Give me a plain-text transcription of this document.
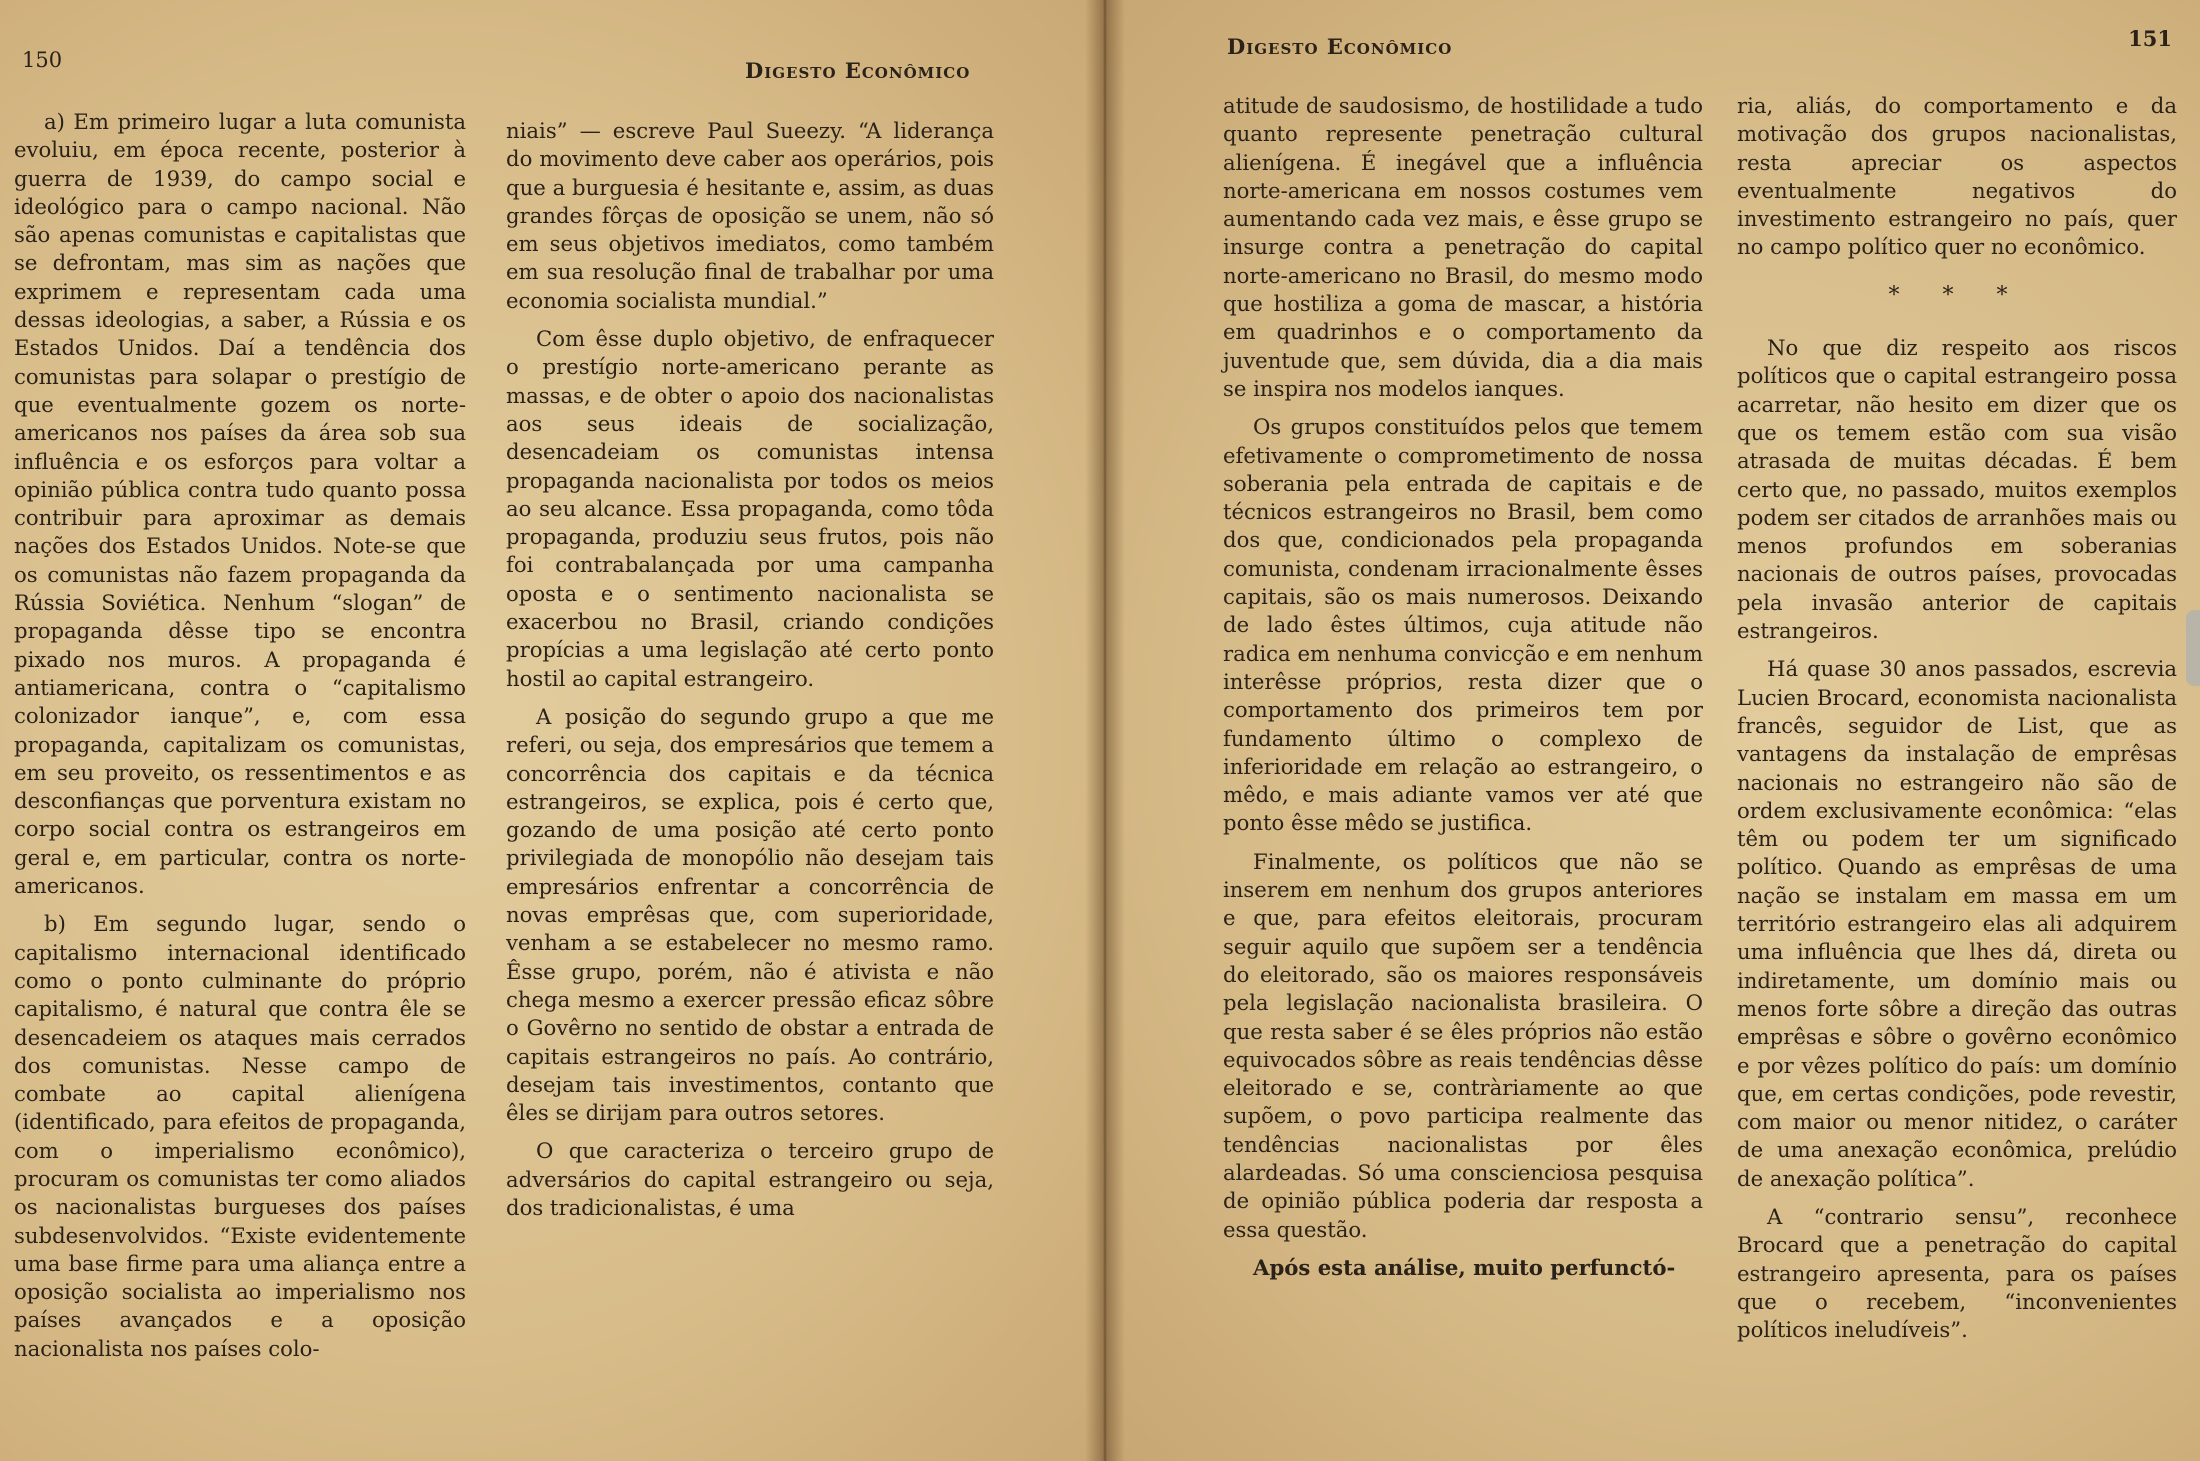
150	Digesto Econômico

a) Em primeiro lugar a luta comunista evoluiu, em época recente, posterior à guerra de 1939, do campo social e ideológico para o campo nacional. Não são apenas comunistas e capitalistas que se defrontam, mas sim as nações que exprimem e representam cada uma dessas ideologias, a saber, a Rússia e os Estados Unidos. Daí a tendência dos comunistas para solapar o prestígio de que eventualmente gozem os norte-americanos nos países da área sob sua influência e os esforços para voltar a opinião pública contra tudo quanto possa contribuir para aproximar as demais nações dos Estados Unidos. Note-se que os comunistas não fazem propaganda da Rússia Soviética. Nenhum “slogan” de propaganda dêsse tipo se encontra pixado nos muros. A propaganda é antiamericana, contra o “capitalismo colonizador ianque”, e, com essa propaganda, capitalizam os comunistas, em seu proveito, os ressentimentos e as desconfianças que porventura existam no corpo social contra os estrangeiros em geral e, em particular, contra os norte-americanos.

b) Em segundo lugar, sendo o capitalismo internacional identificado como o ponto culminante do próprio capitalismo, é natural que contra êle se desencadeiem os ataques mais cerrados dos comunistas. Nesse campo de combate ao capital alienígena (identificado, para efeitos de propaganda, com o imperialismo econômico), procuram os comunistas ter como aliados os nacionalistas burgueses dos países subdesenvolvidos. “Existe evidentemente uma base firme para uma aliança entre a oposição socialista ao imperialismo nos países avançados e a oposição nacionalista nos países colo-

niais” — escreve Paul Sueezy. “A liderança do movimento deve caber aos operários, pois que a burguesia é hesitante e, assim, as duas grandes fôrças de oposição se unem, não só em seus objetivos imediatos, como também em sua resolução final de trabalhar por uma economia socialista mundial.”

Com êsse duplo objetivo, de enfraquecer o prestígio norte-americano perante as massas, e de obter o apoio dos nacionalistas aos seus ideais de socialização, desencadeiam os comunistas intensa propaganda nacionalista por todos os meios ao seu alcance. Essa propaganda, como tôda propaganda, produziu seus frutos, pois não foi contrabalançada por uma campanha oposta e o sentimento nacionalista se exacerbou no Brasil, criando condições propícias a uma legislação até certo ponto hostil ao capital estrangeiro.

A posição do segundo grupo a que me referi, ou seja, dos empresários que temem a concorrência dos capitais e da técnica estrangeiros, se explica, pois é certo que, gozando de uma posição até certo ponto privilegiada de monopólio não desejam tais empresários enfrentar a concorrência de novas emprêsas que, com superioridade, venham a se estabelecer no mesmo ramo. Êsse grupo, porém, não é ativista e não chega mesmo a exercer pressão eficaz sôbre o Govêrno no sentido de obstar a entrada de capitais estrangeiros no país. Ao contrário, desejam tais investimentos, contanto que êles se dirijam para outros setores.

O que caracteriza o terceiro grupo de adversários do capital estrangeiro ou seja, dos tradicionalistas, é uma

151
Digesto Econômico

atitude de saudosismo, de hostilidade a tudo quanto represente penetração cultural alienígena. É inegável que a influência norte-americana em nossos costumes vem aumentando cada vez mais, e êsse grupo se insurge contra a penetração do capital norte-americano no Brasil, do mesmo modo que hostiliza a goma de mascar, a história em quadrinhos e o comportamento da juventude que, sem dúvida, dia a dia mais se inspira nos modelos ianques.

Os grupos constituídos pelos que temem efetivamente o comprometimento de nossa soberania pela entrada de capitais e de técnicos estrangeiros no Brasil, bem como dos que, condicionados pela propaganda comunista, condenam irracionalmente êsses capitais, são os mais numerosos. Deixando de lado êstes últimos, cuja atitude não radica em nenhuma convicção e em nenhum interêsse próprios, resta dizer que o comportamento dos primeiros tem por fundamento último o complexo de inferioridade em relação ao estrangeiro, o mêdo, e mais adiante vamos ver até que ponto êsse mêdo se justifica.

Finalmente, os políticos que não se inserem em nenhum dos grupos anteriores e que, para efeitos eleitorais, procuram seguir aquilo que supõem ser a tendência do eleitorado, são os maiores responsáveis pela legislação nacionalista brasileira. O que resta saber é se êles próprios não estão equivocados sôbre as reais tendências dêsse eleitorado e se, contràriamente ao que supõem, o povo participa realmente das tendências nacionalistas por êles alardeadas. Só uma conscienciosa pesquisa de opinião pública poderia dar resposta a essa questão.

Após esta análise, muito perfunctó-

ria, aliás, do comportamento e da motivação dos grupos nacionalistas, resta apreciar os aspectos eventualmente negativos do investimento estrangeiro no país, quer no campo político quer no econômico.

* * *

No que diz respeito aos riscos políticos que o capital estrangeiro possa acarretar, não hesito em dizer que os que os temem estão com sua visão atrasada de muitas décadas. É bem certo que, no passado, muitos exemplos podem ser citados de arranhões mais ou menos profundos em soberanias nacionais de outros países, provocadas pela invasão anterior de capitais estrangeiros.

Há quase 30 anos passados, escrevia Lucien Brocard, economista nacionalista francês, seguidor de List, que as vantagens da instalação de emprêsas nacionais no estrangeiro não são de ordem exclusivamente econômica: “elas têm ou podem ter um significado político. Quando as emprêsas de uma nação se instalam em massa em um território estrangeiro elas ali adquirem uma influência que lhes dá, direta ou indiretamente, um domínio mais ou menos forte sôbre a direção das outras emprêsas e sôbre o govêrno econômico e por vêzes político do país: um domínio que, em certas condições, pode revestir, com maior ou menor nitidez, o caráter de uma anexação econômica, prelúdio de anexação política”.

A “contrario sensu”, reconhece Brocard que a penetração do capital estrangeiro apresenta, para os países que o recebem, “inconvenientes políticos ineludíveis”.
